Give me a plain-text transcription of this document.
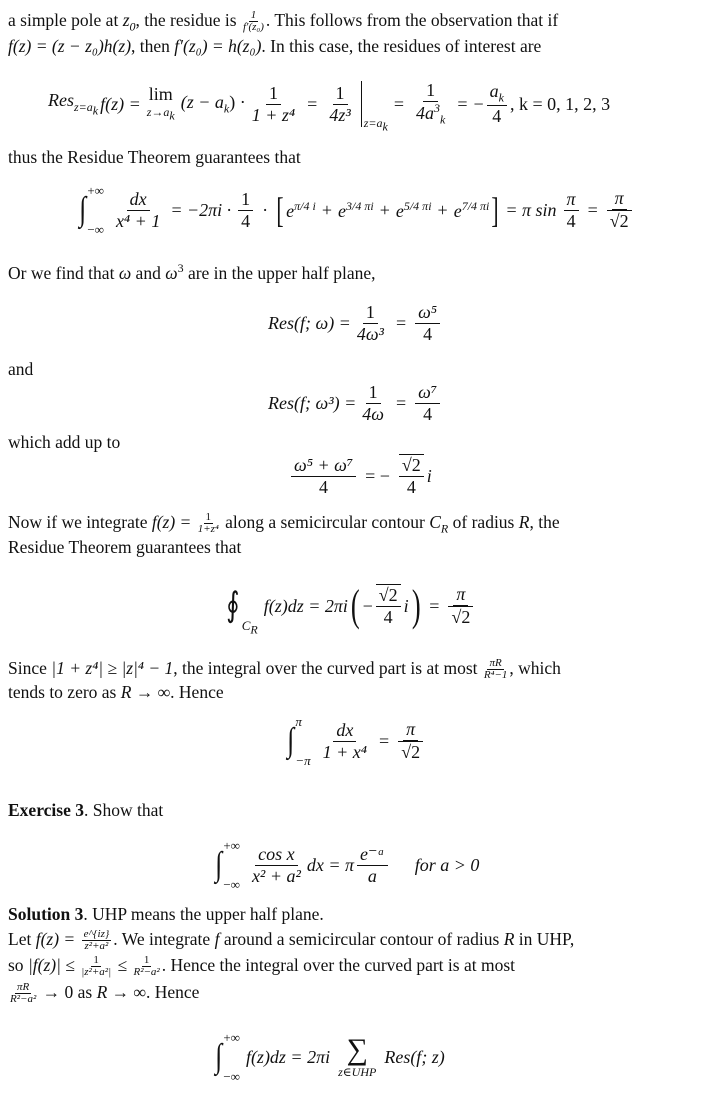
a simple pole at $z_0$, the residue is $\frac{1}{\text{f′(z₀)}}$ . This follows from the observation that if
f(z) = (z − z₀)h(z), then f′(z₀) = h(z₀). In this case, the residues of interest are
Res$_{z=a_k}$ f(z) = lim
$z\to a_k$
$(z - a_k) \cdot \frac{1}{\text{1 + z⁴}} = \frac{1}{\text{4z³}} z=a_k$
= $\frac{1}{4a^3_k}$ = − $\frac{a_k}{4}$ , k = 0, 1, 2, 3
thus the Residue Theorem guarantees that
∫
+∞
−∞ $\frac{dx}{\text{x⁴ + 1}} = -2\pi i \cdot \frac{1}{4}$ · [ $e^{\pi/4 i} + e^{3/4 \pi i} + e^{5/4 \pi i} + e^{7/4 \pi i}$ ] = π $\sin \frac{\pi}{4} = \frac{\pi}{√2}$
Or we find that ω and $\omega^3$ are in the upper half plane,
Res(f; $\omega) = \frac{1}{\text{4ω³}} = \frac{\text{ω⁵}}{4}$
and
Res(f; $\omega^3) = \frac{1}{4\omega} = \frac{\text{ω⁷}}{4}$
which add up to
$\frac{\text{ω⁵ + ω⁷}}{4}$ = − $\frac{√2}{4}$ i
Now if we integrate $f(z) = \frac{1}{\text{1+z⁴}}$ along a semicircular contour $C_R$ of radius R, the
Residue Theorem guarantees that
∮
$C_R$
f(z)dz = 2πi ( − $\frac{√2}{4}$ i ) = $\frac{\pi}{√2}$
Since |1 + z⁴| ≥ |z|⁴ − 1, the integral over the curved part is at most $\frac{\pi R}{\text{R⁴−1}}$ , which
tends to zero as R → ∞. Hence
∫
π
$-\pi \frac{dx}{\text{1 + x⁴}} = \frac{\pi}{√2}$
Exercise 3. Show that
∫
+∞
−∞ $\frac{\text{cos x}}{\text{x² + a²}}$ dx = π $\frac{\text{e⁻ᵃ}}{a}$ for a > 0
Solution 3. UHP means the upper half plane.
Let $f(z) = \frac{e\^{}\{iz\}}{\text{z²+a²}}$ . We integrate f around a semicircular contour of radius R in UHP,
so $|f(z)| \le \frac{1}{\text{|z²+a²|}} \le \frac{1}{\text{R²−a²}}$ . Hence the integral over the curved part is at most
$\frac{\pi R}{\text{R²−a²}} \to 0$ as R → ∞. Hence
∫
+∞
−∞
f(z)dz = 2πi ∑
z∈UHP
Res(f; z)
